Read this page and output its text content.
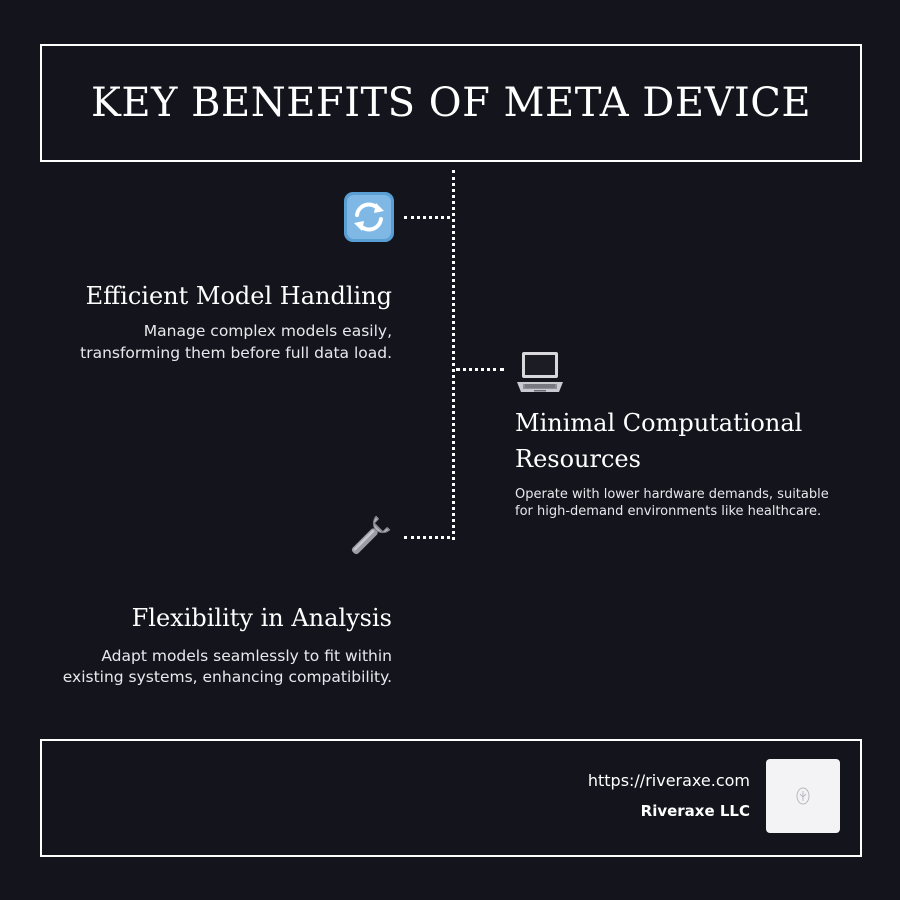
KEY BENEFITS OF META DEVICE
Efficient Model Handling
Manage complex models easily,
transforming them before full data load.
Minimal Computational
Resources
Operate with lower hardware demands, suitable
for high-demand environments like healthcare.
Flexibility in Analysis
Adapt models seamlessly to fit within
existing systems, enhancing compatibility.
https://riveraxe.com
Riveraxe LLC
